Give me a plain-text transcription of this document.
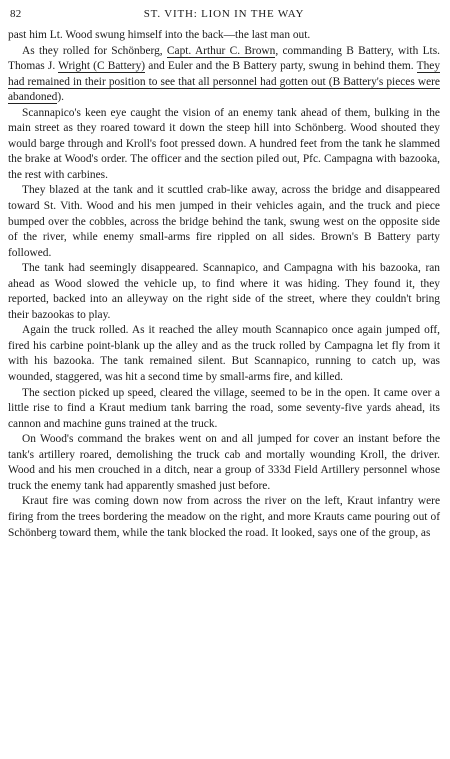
82	ST. VITH: LION IN THE WAY

past him Lt. Wood swung himself into the back—the last man out.

As they rolled for Schönberg, Capt. Arthur C. Brown, commanding B Battery, with Lts. Thomas J. Wright (C Battery) and Euler and the B Battery party, swung in behind them. They had remained in their position to see that all personnel had gotten out (B Battery's pieces were abandoned).

Scannapico's keen eye caught the vision of an enemy tank ahead of them, bulking in the main street as they roared toward it down the steep hill into Schönberg. Wood shouted they would barge through and Kroll's foot pressed down. A hundred feet from the tank he slammed the brake at Wood's order. The officer and the section piled out, Pfc. Campagna with bazooka, the rest with carbines.

They blazed at the tank and it scuttled crab-like away, across the bridge and disappeared toward St. Vith. Wood and his men jumped in their vehicles again, and the truck and piece bumped over the cobbles, across the bridge behind the tank, swung west on the opposite side of the river, while enemy small-arms fire rippled on all sides. Brown's B Battery party followed.

The tank had seemingly disappeared. Scannapico, and Campagna with his bazooka, ran ahead as Wood slowed the vehicle up, to find where it was hiding. They found it, they reported, backed into an alleyway on the right side of the street, where they couldn't bring their bazookas to play.

Again the truck rolled. As it reached the alley mouth Scannapico once again jumped off, fired his carbine point-blank up the alley and as the truck rolled by Campagna let fly from it with his bazooka. The tank remained silent. But Scannapico, running to catch up, was wounded, staggered, was hit a second time by small-arms fire, and killed.

The section picked up speed, cleared the village, seemed to be in the open. It came over a little rise to find a Kraut medium tank barring the road, some seventy-five yards ahead, its cannon and machine guns trained at the truck.

On Wood's command the brakes went on and all jumped for cover an instant before the tank's artillery roared, demolishing the truck cab and mortally wounding Kroll, the driver. Wood and his men crouched in a ditch, near a group of 333d Field Artillery personnel whose truck the enemy tank had apparently smashed just before.

Kraut fire was coming down now from across the river on the left, Kraut infantry were firing from the trees bordering the meadow on the right, and more Krauts came pouring out of Schönberg toward them, while the tank blocked the road. It looked, says one of the group, as
